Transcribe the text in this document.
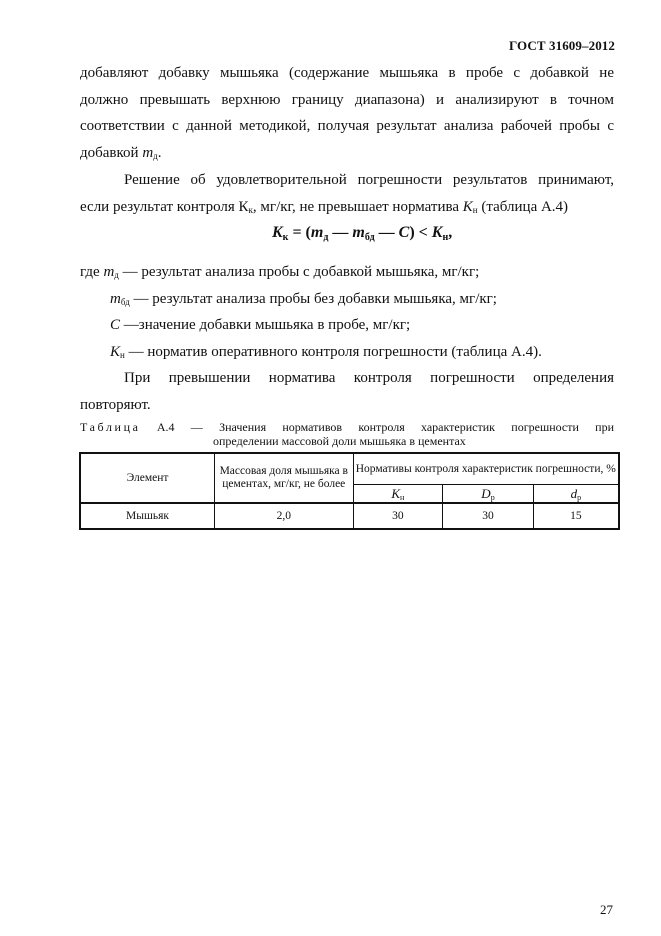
ГОСТ 31609–2012
добавляют добавку мышьяка (содержание мышьяка в пробе с добавкой не
должно превышать верхнюю границу диапазона) и анализируют в точном
соответствии с данной методикой, получая результат анализа рабочей пробы с
добавкой $m_д$.
Решение об удовлетворительной погрешности результатов принимают,
если результат контроля $К_к$, мг/кг, не превышает норматива $K_н$ (таблица А.4)
$K_к = (m_д$ — $m_{бд}$ — $C) < K_н$,
где $m_д$ — результат анализа пробы с добавкой мышьяка, мг/кг;
$m_{бд}$ — результат анализа пробы без добавки мышьяка, мг/кг;
C —значение добавки мышьяка в пробе, мг/кг;
$K_н$ — норматив оперативного контроля погрешности (таблица А.4).
При превышении норматива контроля погрешности определения
повторяют.
Таблица А.4 — Значения нормативов контроля характеристик погрешности при
определении массовой доли мышьяка в цементах
Элемент	Массовая доля мышьяка в цементах, мг/кг, не более	Нормативы контроля характеристик погрешности, %		
		$K_н$	$D_р$	$d_р$
Мышьяк	2,0	30	30	15
27
